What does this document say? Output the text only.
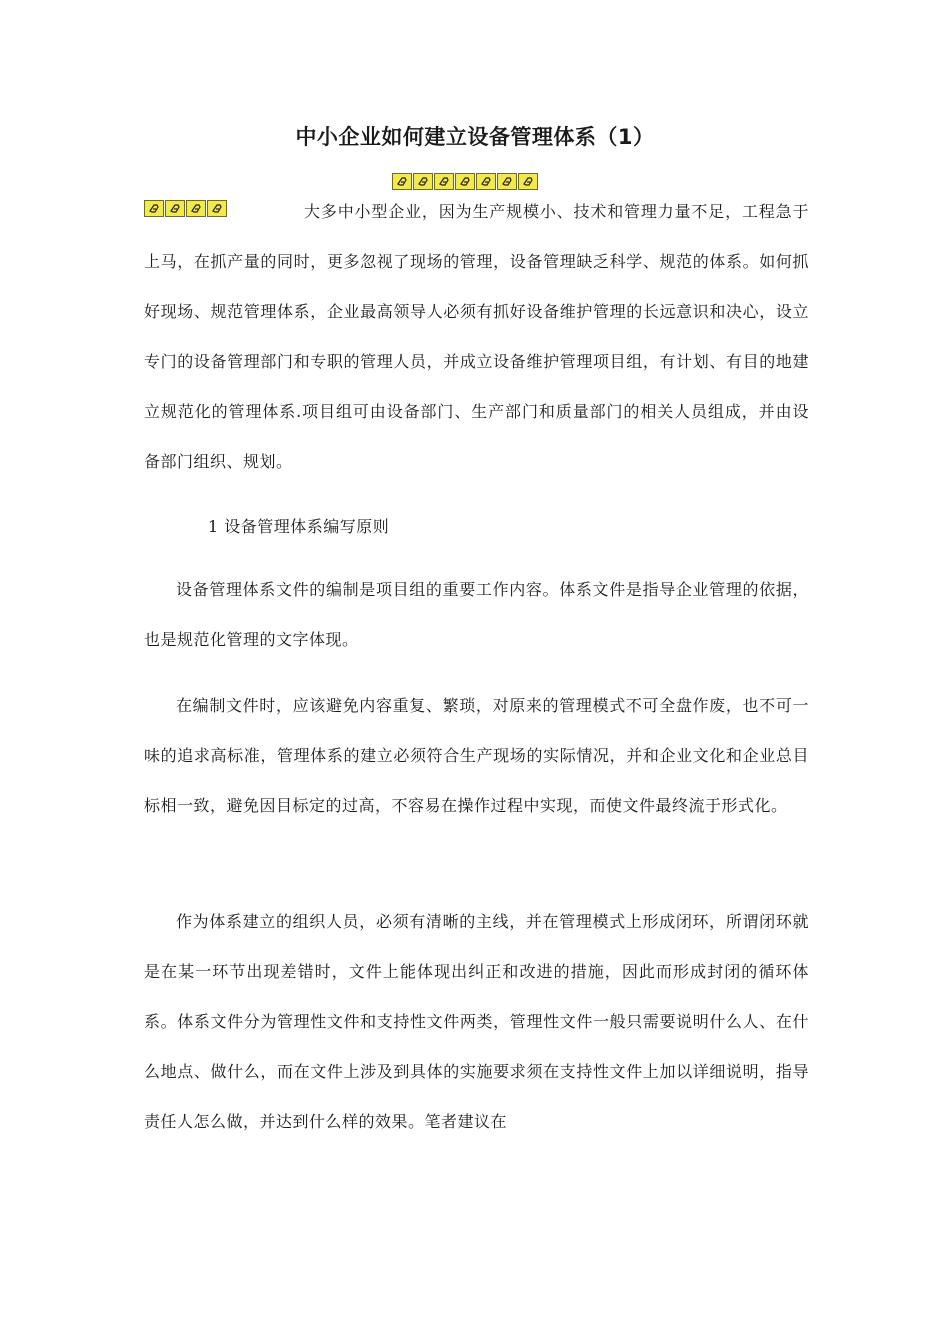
中小企业如何建立设备管理体系（1）

大多中小型企业，因为生产规模小、技术和管理力量不足，工程急于上马，在抓产量的同时，更多忽视了现场的管理，设备管理缺乏科学、规范的体系。如何抓好现场、规范管理体系，企业最高领导人必须有抓好设备维护管理的长远意识和决心，设立专门的设备管理部门和专职的管理人员，并成立设备维护管理项目组，有计划、有目的地建立规范化的管理体系.项目组可由设备部门、生产部门和质量部门的相关人员组成，并由设备部门组织、规划。

1 设备管理体系编写原则

设备管理体系文件的编制是项目组的重要工作内容。体系文件是指导企业管理的依据，也是规范化管理的文字体现。

在编制文件时，应该避免内容重复、繁琐，对原来的管理模式不可全盘作废，也不可一味的追求高标准，管理体系的建立必须符合生产现场的实际情况，并和企业文化和企业总目标相一致，避免因目标定的过高，不容易在操作过程中实现，而使文件最终流于形式化。

作为体系建立的组织人员，必须有清晰的主线，并在管理模式上形成闭环，所谓闭环就是在某一环节出现差错时，文件上能体现出纠正和改进的措施，因此而形成封闭的循环体系。体系文件分为管理性文件和支持性文件两类，管理性文件一般只需要说明什么人、在什么地点、做什么，而在文件上涉及到具体的实施要求须在支持性文件上加以详细说明，指导责任人怎么做，并达到什么样的效果。笔者建议在
